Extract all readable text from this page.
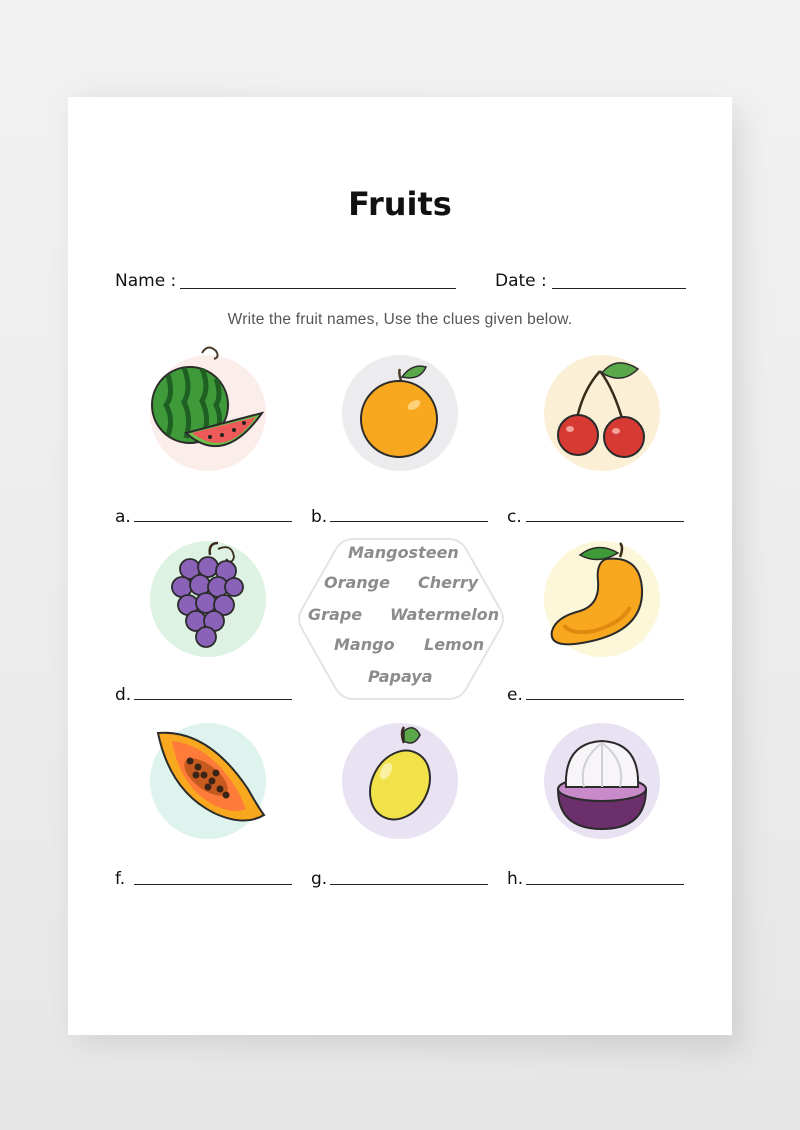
Fruits
Name :	Date :
Write the fruit names, Use the clues given below.
a.	b.	c.
Mangosteen
Orange Cherry
Grape Watermelon
Mango Lemon
Papaya
d.	e.
f.	g.	h.
